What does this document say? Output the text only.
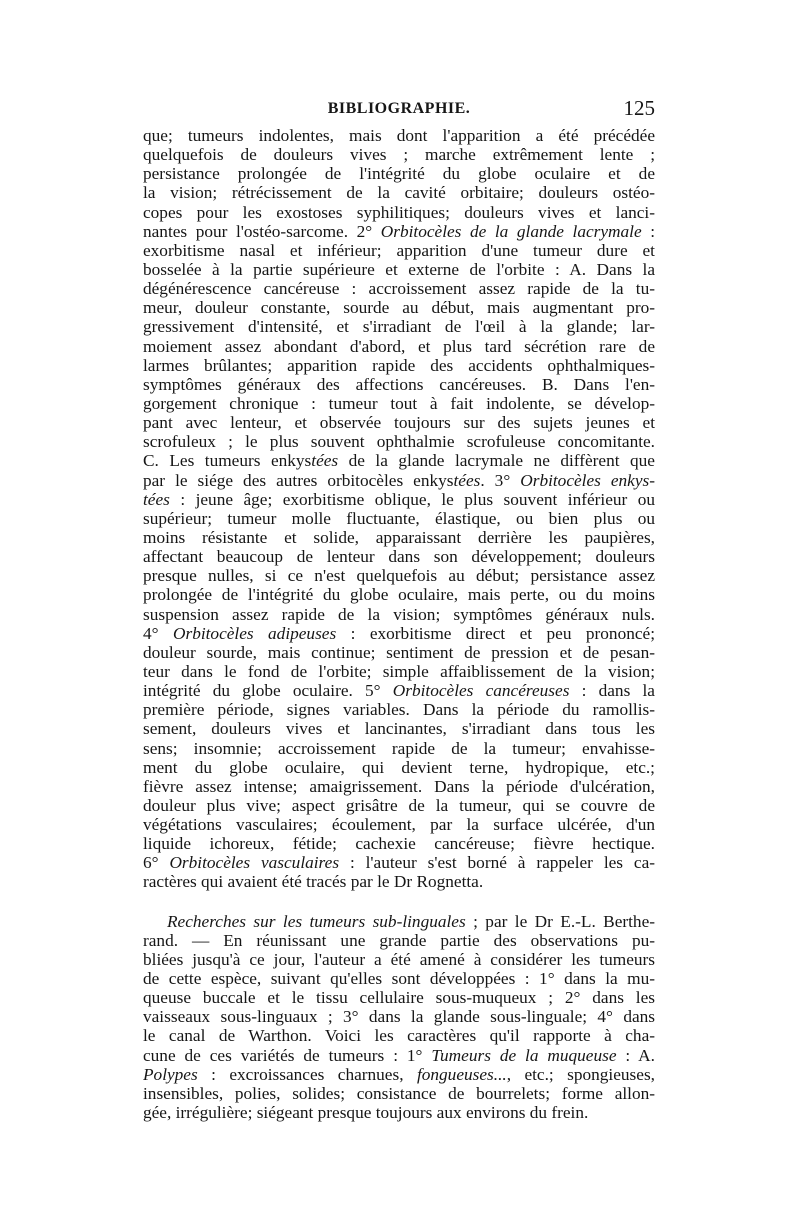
BIBLIOGRAPHIE.	125

que; tumeurs indolentes, mais dont l'apparition a été précédée
quelquefois de douleurs vives ; marche extrêmement lente ;
persistance prolongée de l'intégrité du globe oculaire et de
la vision; rétrécissement de la cavité orbitaire; douleurs ostéo-
copes pour les exostoses syphilitiques; douleurs vives et lanci-
nantes pour l'ostéo-sarcome. 2° Orbitocèles de la glande lacrymale :
exorbitisme nasal et inférieur; apparition d'une tumeur dure et
bosselée à la partie supérieure et externe de l'orbite : A. Dans la
dégénérescence cancéreuse : accroissement assez rapide de la tu-
meur, douleur constante, sourde au début, mais augmentant pro-
gressivement d'intensité, et s'irradiant de l'œil à la glande; lar-
moiement assez abondant d'abord, et plus tard sécrétion rare de
larmes brûlantes; apparition rapide des accidents ophthalmiques-
symptômes généraux des affections cancéreuses. B. Dans l'en-
gorgement chronique : tumeur tout à fait indolente, se dévelop-
pant avec lenteur, et observée toujours sur des sujets jeunes et
scrofuleux ; le plus souvent ophthalmie scrofuleuse concomitante.
C. Les tumeurs enkystées de la glande lacrymale ne diffèrent que
par le siége des autres orbitocèles enkystées. 3° Orbitocèles enkys-
tées : jeune âge; exorbitisme oblique, le plus souvent inférieur ou
supérieur; tumeur molle fluctuante, élastique, ou bien plus ou
moins résistante et solide, apparaissant derrière les paupières,
affectant beaucoup de lenteur dans son développement; douleurs
presque nulles, si ce n'est quelquefois au début; persistance assez
prolongée de l'intégrité du globe oculaire, mais perte, ou du moins
suspension assez rapide de la vision; symptômes généraux nuls.
4° Orbitocèles adipeuses : exorbitisme direct et peu prononcé;
douleur sourde, mais continue; sentiment de pression et de pesan-
teur dans le fond de l'orbite; simple affaiblissement de la vision;
intégrité du globe oculaire. 5° Orbitocèles cancéreuses : dans la
première période, signes variables. Dans la période du ramollis-
sement, douleurs vives et lancinantes, s'irradiant dans tous les
sens; insomnie; accroissement rapide de la tumeur; envahisse-
ment du globe oculaire, qui devient terne, hydropique, etc.;
fièvre assez intense; amaigrissement. Dans la période d'ulcération,
douleur plus vive; aspect grisâtre de la tumeur, qui se couvre de
végétations vasculaires; écoulement, par la surface ulcérée, d'un
liquide ichoreux, fétide; cachexie cancéreuse; fièvre hectique.
6° Orbitocèles vasculaires : l'auteur s'est borné à rappeler les ca-
ractères qui avaient été tracés par le Dr Rognetta.

Recherches sur les tumeurs sub-linguales ; par le Dr E.-L. Berthe-
rand. — En réunissant une grande partie des observations pu-
bliées jusqu'à ce jour, l'auteur a été amené à considérer les tumeurs
de cette espèce, suivant qu'elles sont développées : 1° dans la mu-
queuse buccale et le tissu cellulaire sous-muqueux ; 2° dans les
vaisseaux sous-linguaux ; 3° dans la glande sous-linguale; 4° dans
le canal de Warthon. Voici les caractères qu'il rapporte à cha-
cune de ces variétés de tumeurs : 1° Tumeurs de la muqueuse : A.
Polypes : excroissances charnues, fongueuses..., etc.; spongieuses,
insensibles, polies, solides; consistance de bourrelets; forme allon-
gée, irrégulière; siégeant presque toujours aux environs du frein.
